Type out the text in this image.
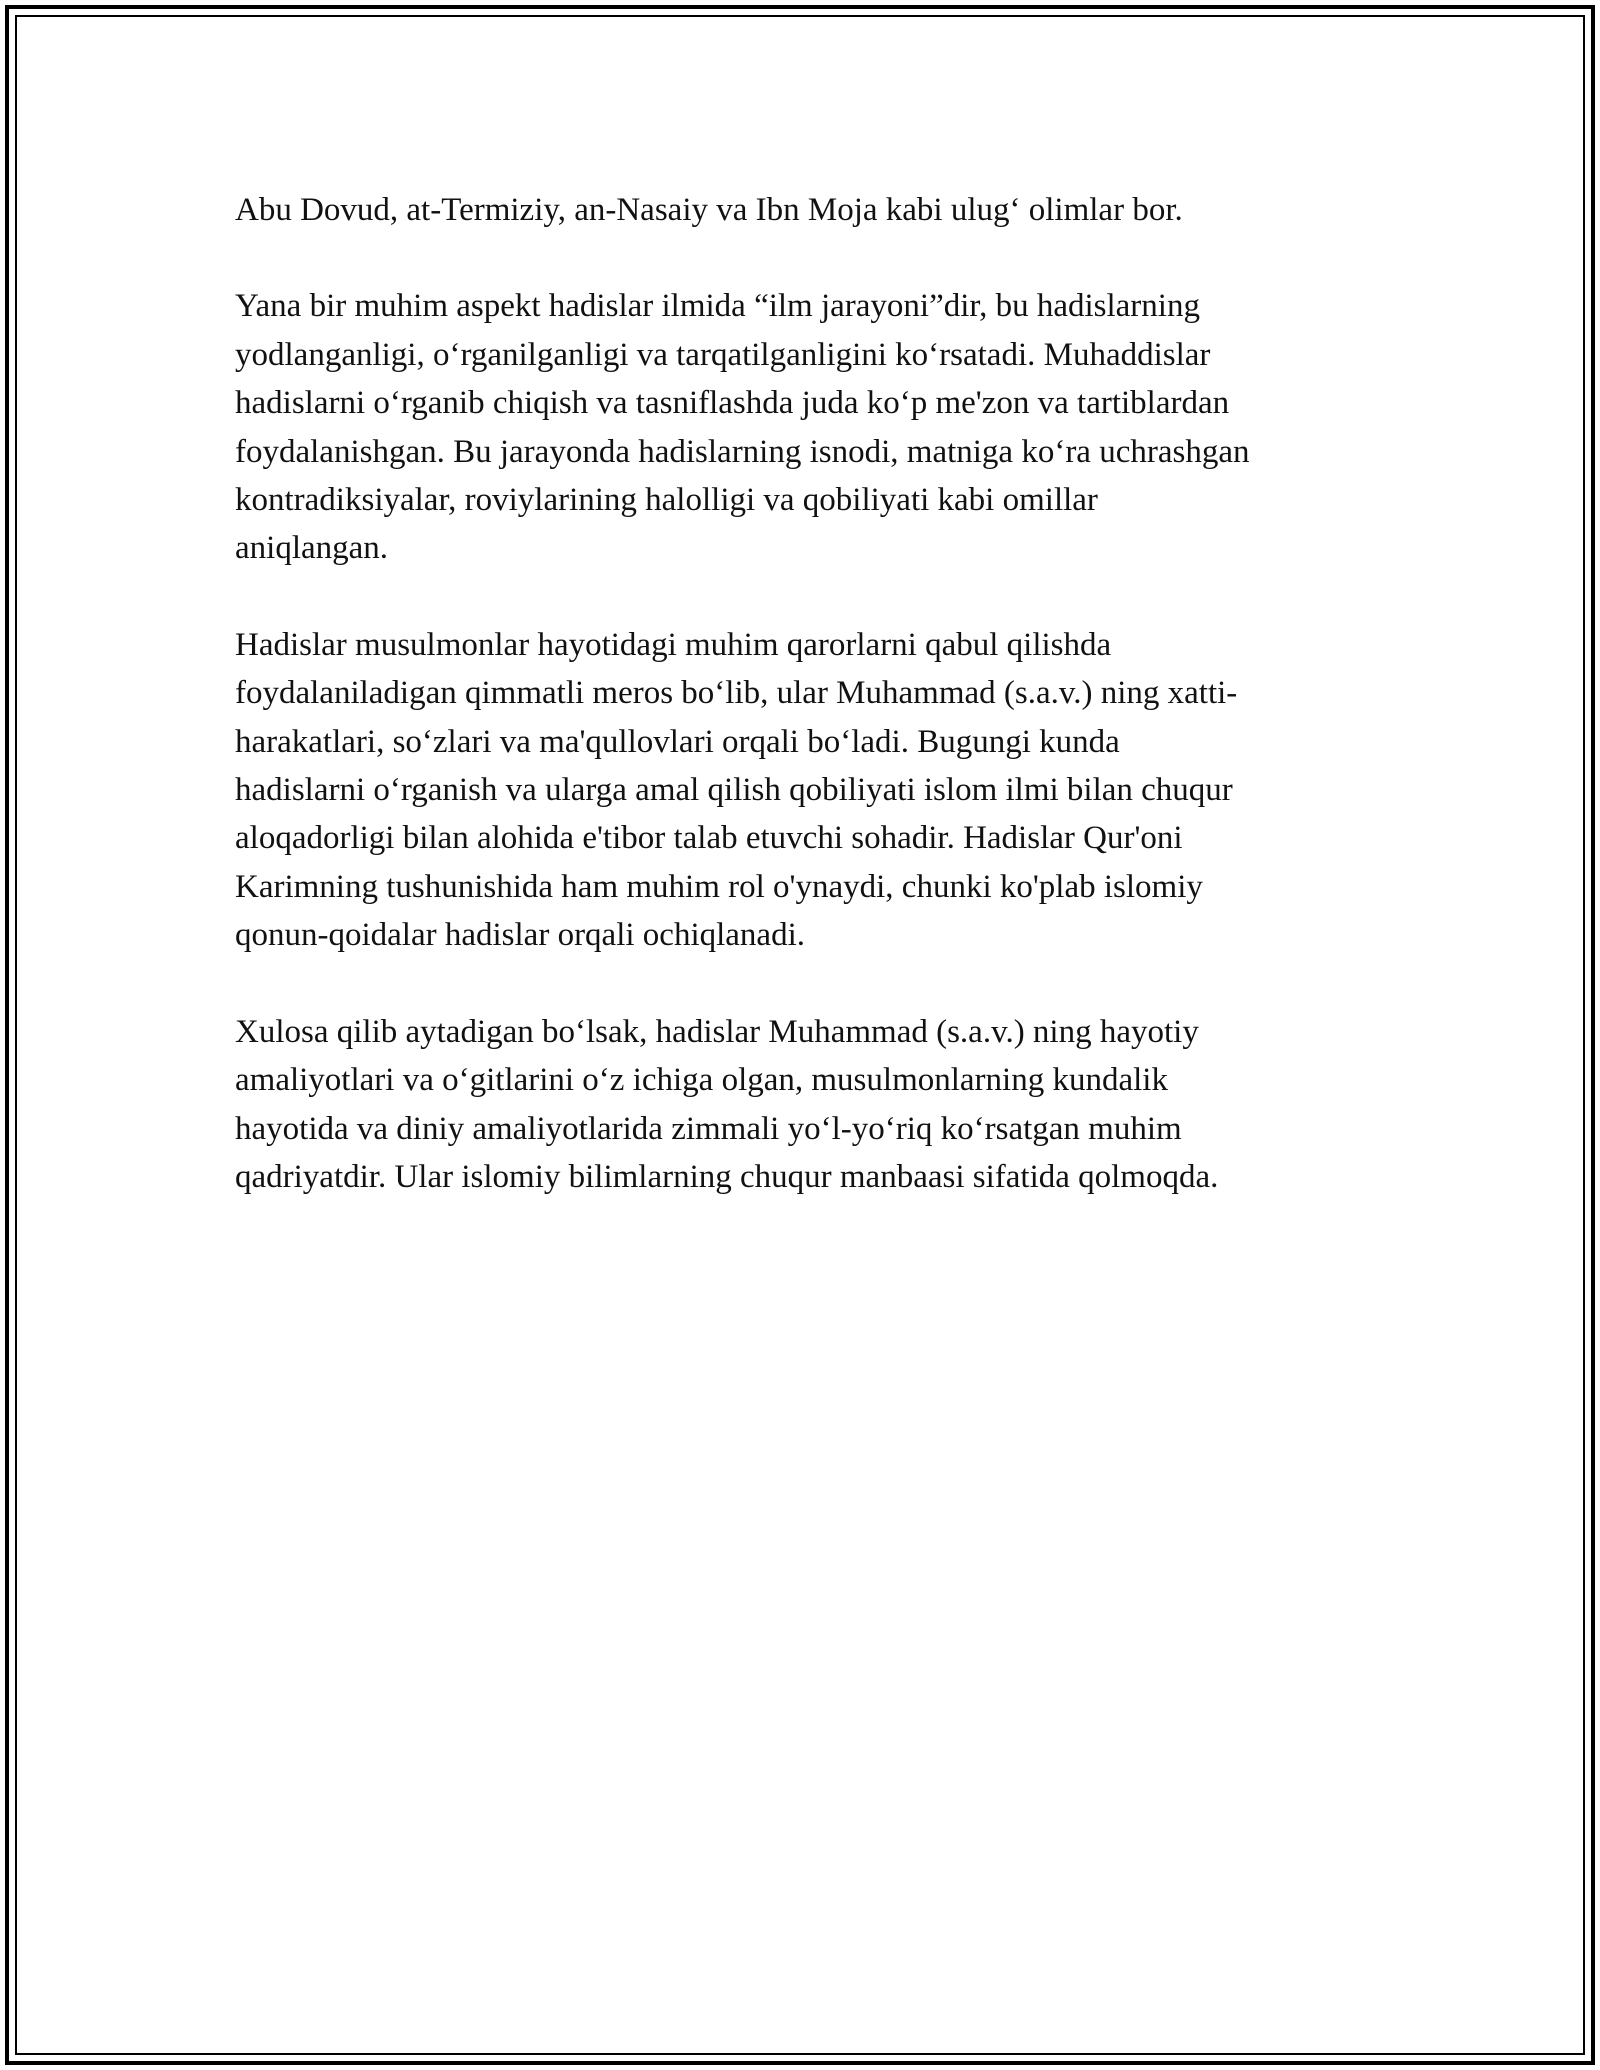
Abu Dovud, at-Termiziy, an-Nasaiy va Ibn Moja kabi ulug‘ olimlar bor.

Yana bir muhim aspekt hadislar ilmida “ilm jarayoni”dir, bu hadislarning
yodlanganligi, o‘rganilganligi va tarqatilganligini ko‘rsatadi. Muhaddislar
hadislarni o‘rganib chiqish va tasniflashda juda ko‘p me'zon va tartiblardan
foydalanishgan. Bu jarayonda hadislarning isnodi, matniga ko‘ra uchrashgan
kontradiksiyalar, roviylarining halolligi va qobiliyati kabi omillar
aniqlangan.

Hadislar musulmonlar hayotidagi muhim qarorlarni qabul qilishda
foydalaniladigan qimmatli meros bo‘lib, ular Muhammad (s.a.v.) ning xatti-
harakatlari, so‘zlari va ma'qullovlari orqali bo‘ladi. Bugungi kunda
hadislarni o‘rganish va ularga amal qilish qobiliyati islom ilmi bilan chuqur
aloqadorligi bilan alohida e'tibor talab etuvchi sohadir. Hadislar Qur'oni
Karimning tushunishida ham muhim rol o'ynaydi, chunki ko'plab islomiy
qonun-qoidalar hadislar orqali ochiqlanadi.

Xulosa qilib aytadigan bo‘lsak, hadislar Muhammad (s.a.v.) ning hayotiy
amaliyotlari va o‘gitlarini o‘z ichiga olgan, musulmonlarning kundalik
hayotida va diniy amaliyotlarida zimmali yo‘l-yo‘riq ko‘rsatgan muhim
qadriyatdir. Ular islomiy bilimlarning chuqur manbaasi sifatida qolmoqda.
